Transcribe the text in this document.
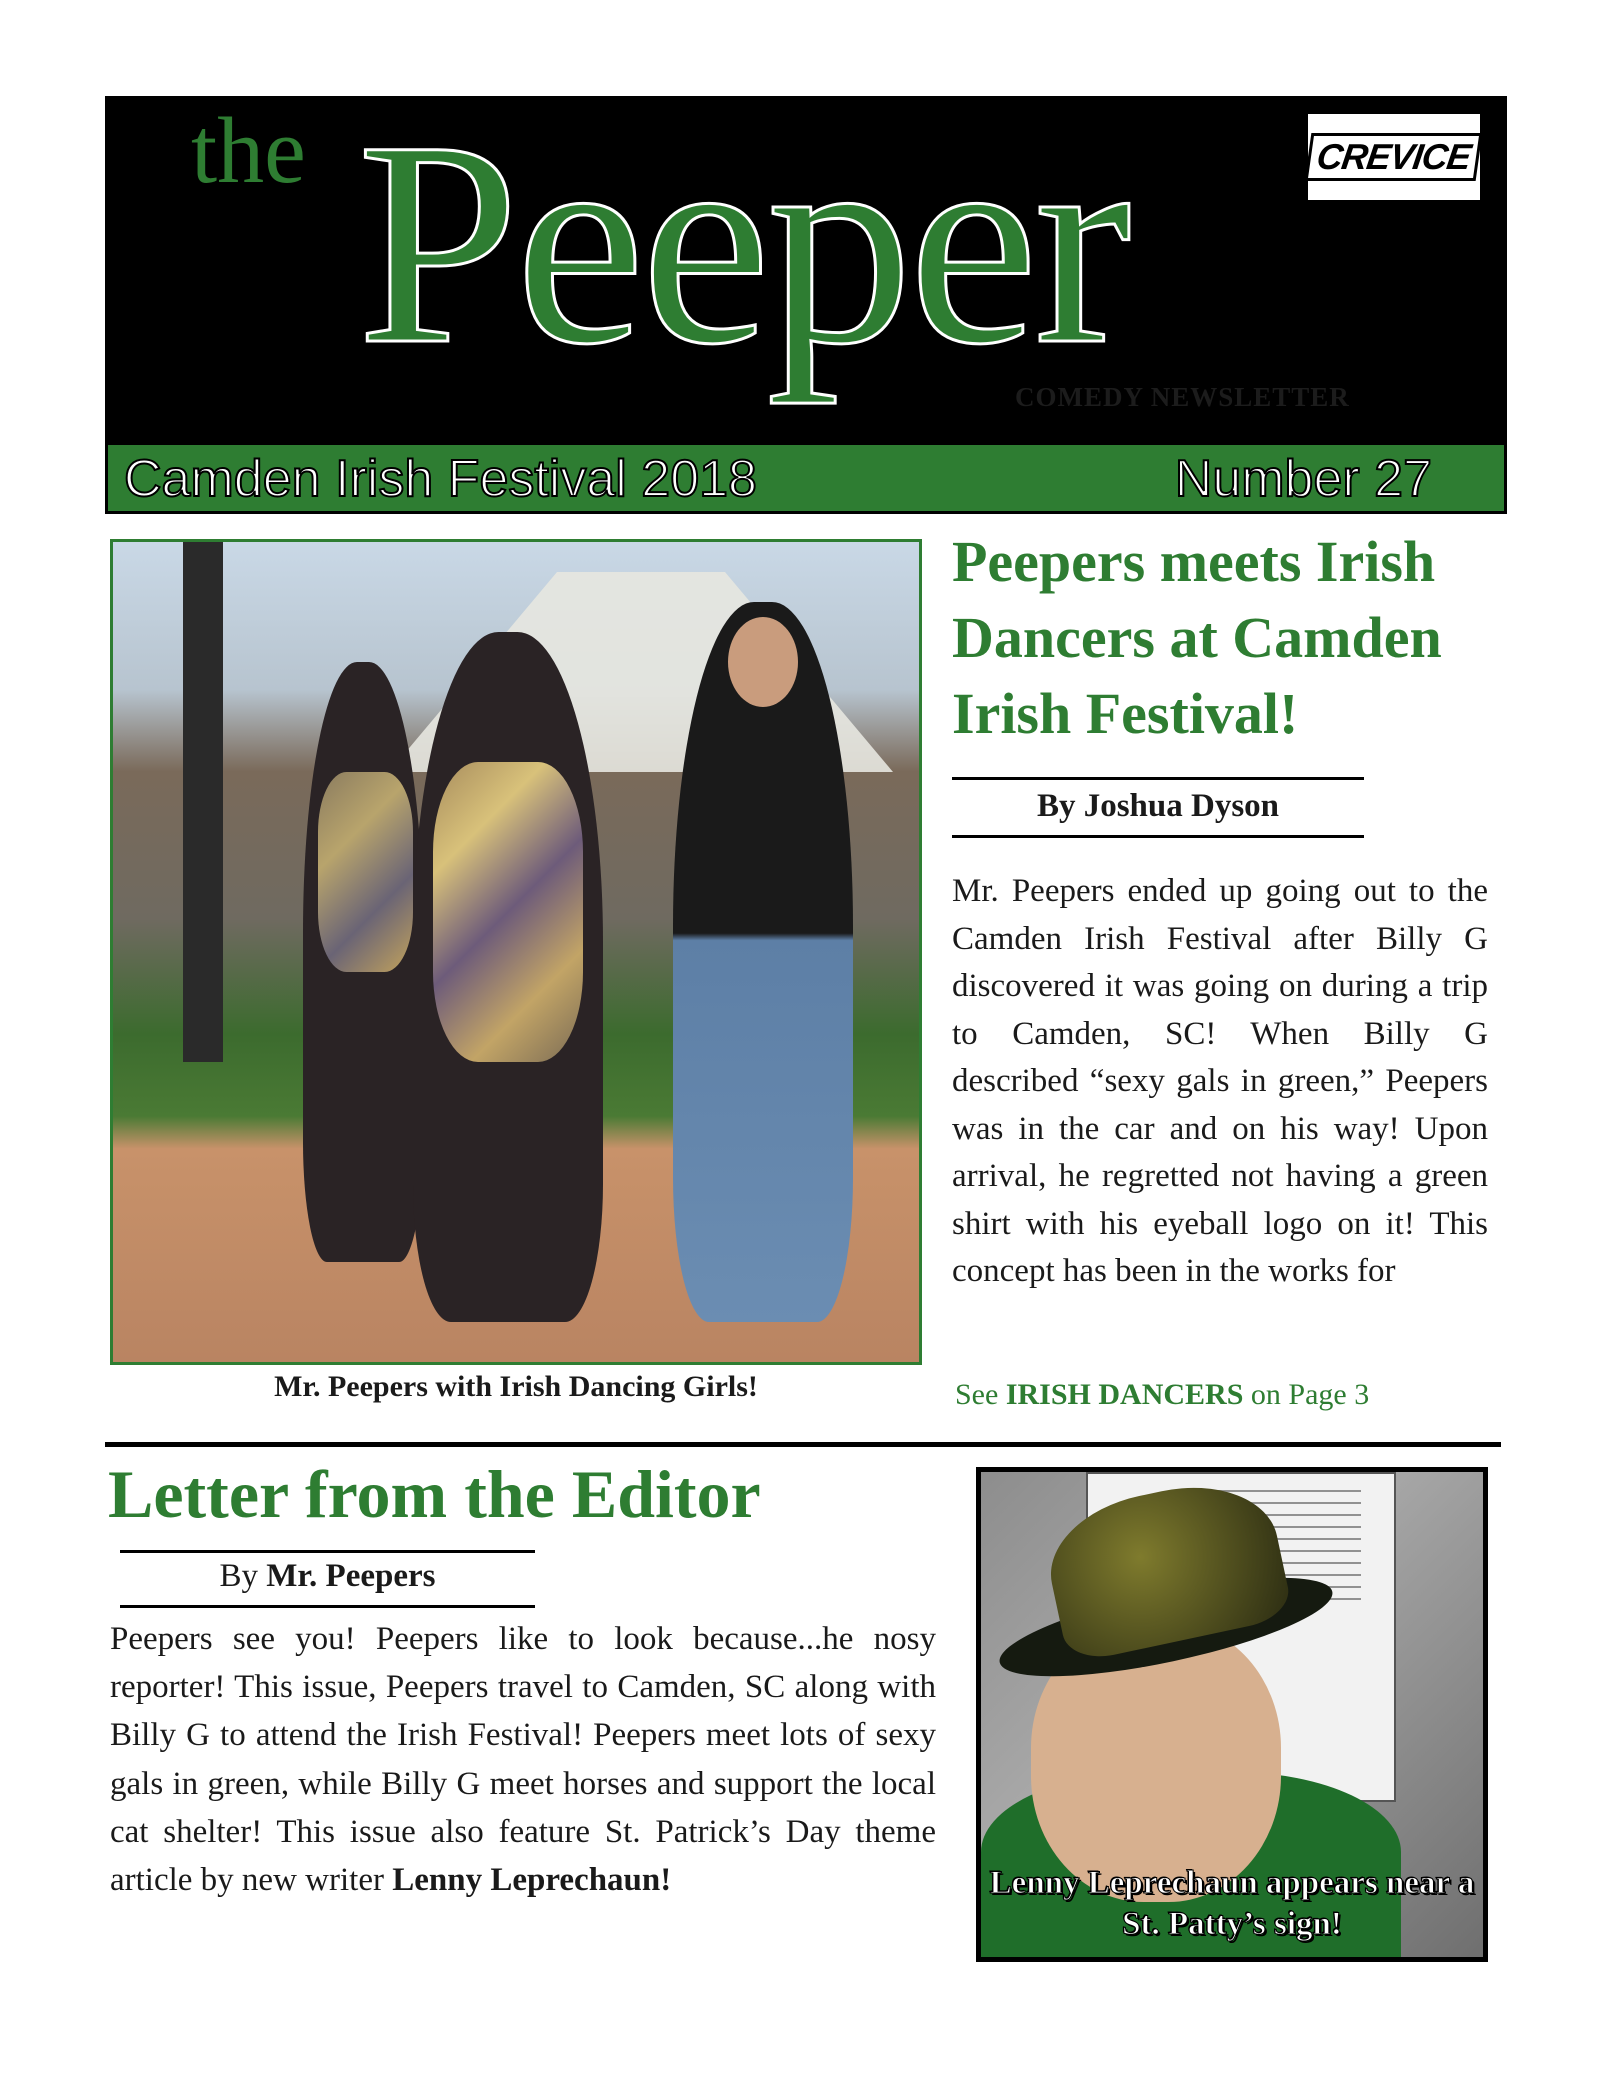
the Peeper
COMEDY NEWSLETTER
CREVICE
Camden Irish Festival 2018	Number 27
Mr. Peepers with Irish Dancing Girls!
Peepers meets Irish Dancers at Camden Irish Festival!
By Joshua Dyson
Mr. Peepers ended up going out to the Camden Irish Festival after Billy G discovered it was going on during a trip to Camden, SC! When Billy G described “sexy gals in green,” Peepers was in the car and on his way! Upon arrival, he regretted not having a green shirt with his eyeball logo on it! This concept has been in the works for
See IRISH DANCERS on Page 3
Letter from the Editor
By Mr. Peepers
Peepers see you! Peepers like to look because...he nosy reporter! This issue, Peepers travel to Camden, SC along with Billy G to attend the Irish Festival! Peepers meet lots of sexy gals in green, while Billy G meet horses and support the local cat shelter! This issue also feature St. Patrick’s Day theme article by new writer Lenny Leprechaun!	Lenny Leprechaun appears near a St. Patty’s sign!
